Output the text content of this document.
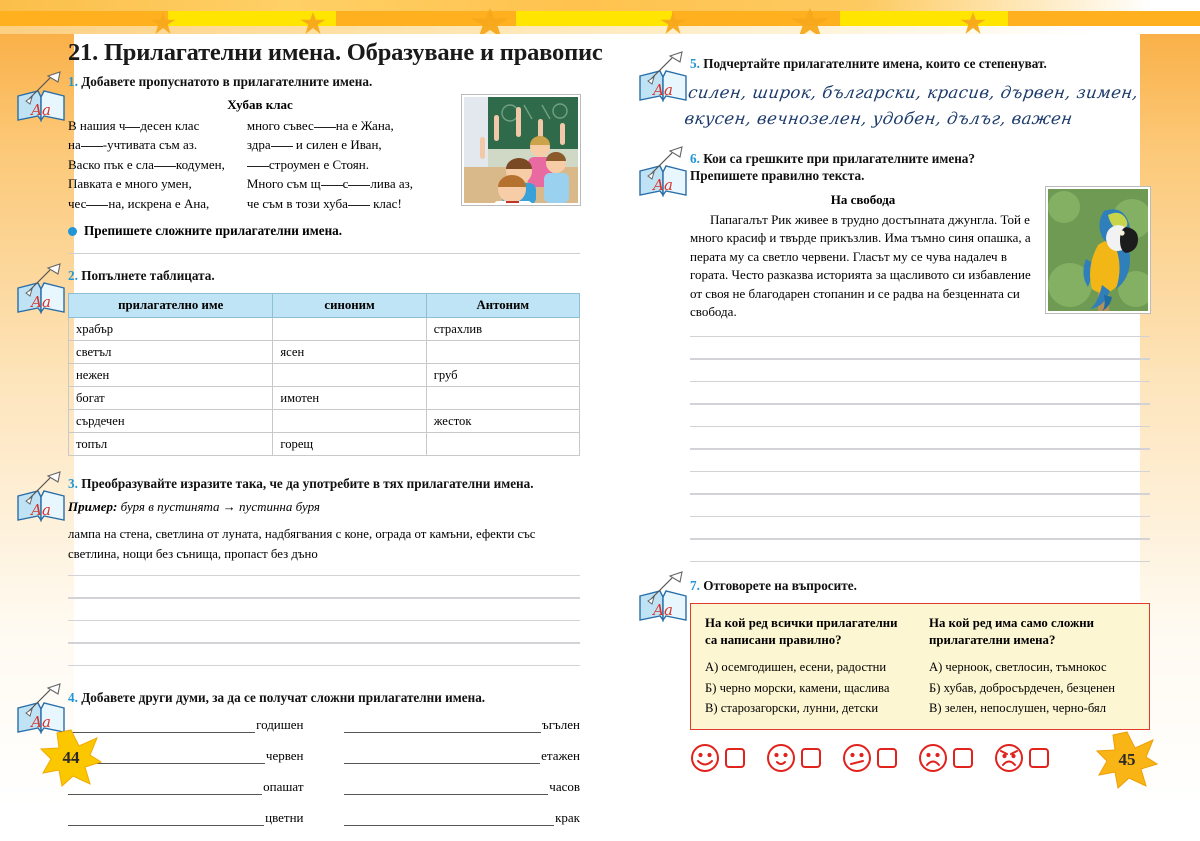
21. Прилагателни имена. Образуване и правопис
Aa
1. Добавете пропуснатото в прилагателните имена.
Хубав клас
В нашия ч десен клас
на -учтивата съм аз.
Васко пък е сла кодумен,
Павката е много умен,
чес на, искрена е Ана,
много съвес на е Жана,
здра и силен е Иван,
строумен е Стоян.
Много съм щ с лива аз,
че съм в този хуба клас!
Препишете сложните прилагателни имена.
Aa
2. Попълнете таблицата.
прилагателно име	синоним	Антоним
храбър		страхлив
светъл	ясен	
нежен		груб
богат	имотен	
сърдечен		жесток
топъл	горещ	
Aa
3. Преобразувайте изразите така, че да употребите в тях прилагателни имена.
Пример: буря в пустинята → пустинна буря
лампа на стена, светлина от луната, надбягвания с коне, ограда от камъни, ефекти със светлина, нощи без сънища, пропаст без дъно
Aa
4. Добавете други думи, за да се получат сложни прилагателни имена.
годишен	ъгълен
червен	етажен
опашат	часов
цветни	крак
Aa
5. Подчертайте прилагателните имена, които се степенуват.
силен, широк, български, красив, дървен, зимен,
вкусен, вечнозелен, удобен, дълъг, важен
Aa
6. Кои са грешките при прилагателните имена?
Препишете правилно текста.
На свобода
Папагалът Рик живее в трудно достъпната джунгла. Той е много красиф и твърде прикъзлив. Има тъмно синя опашка, а перата му са светло червени. Гласът му се чува надалеч в гората. Често разказва историята за щасливото си избавление от своя не благодарен стопанин и се радва на безценната си свобода.
Aa
7. Отговорете на въпросите.
На кой ред всички прилагателни са написани правилно?
А) осемгодишен, есени, радостни
Б) черно морски, камени, щаслива
В) старозагорски, лунни, детски
На кой ред има само сложни прилагателни имена?
А) черноок, светлосин, тъмнокос
Б) хубав, добросърдечен, безценен
В) зелен, непослушен, черно-бял
44	45
